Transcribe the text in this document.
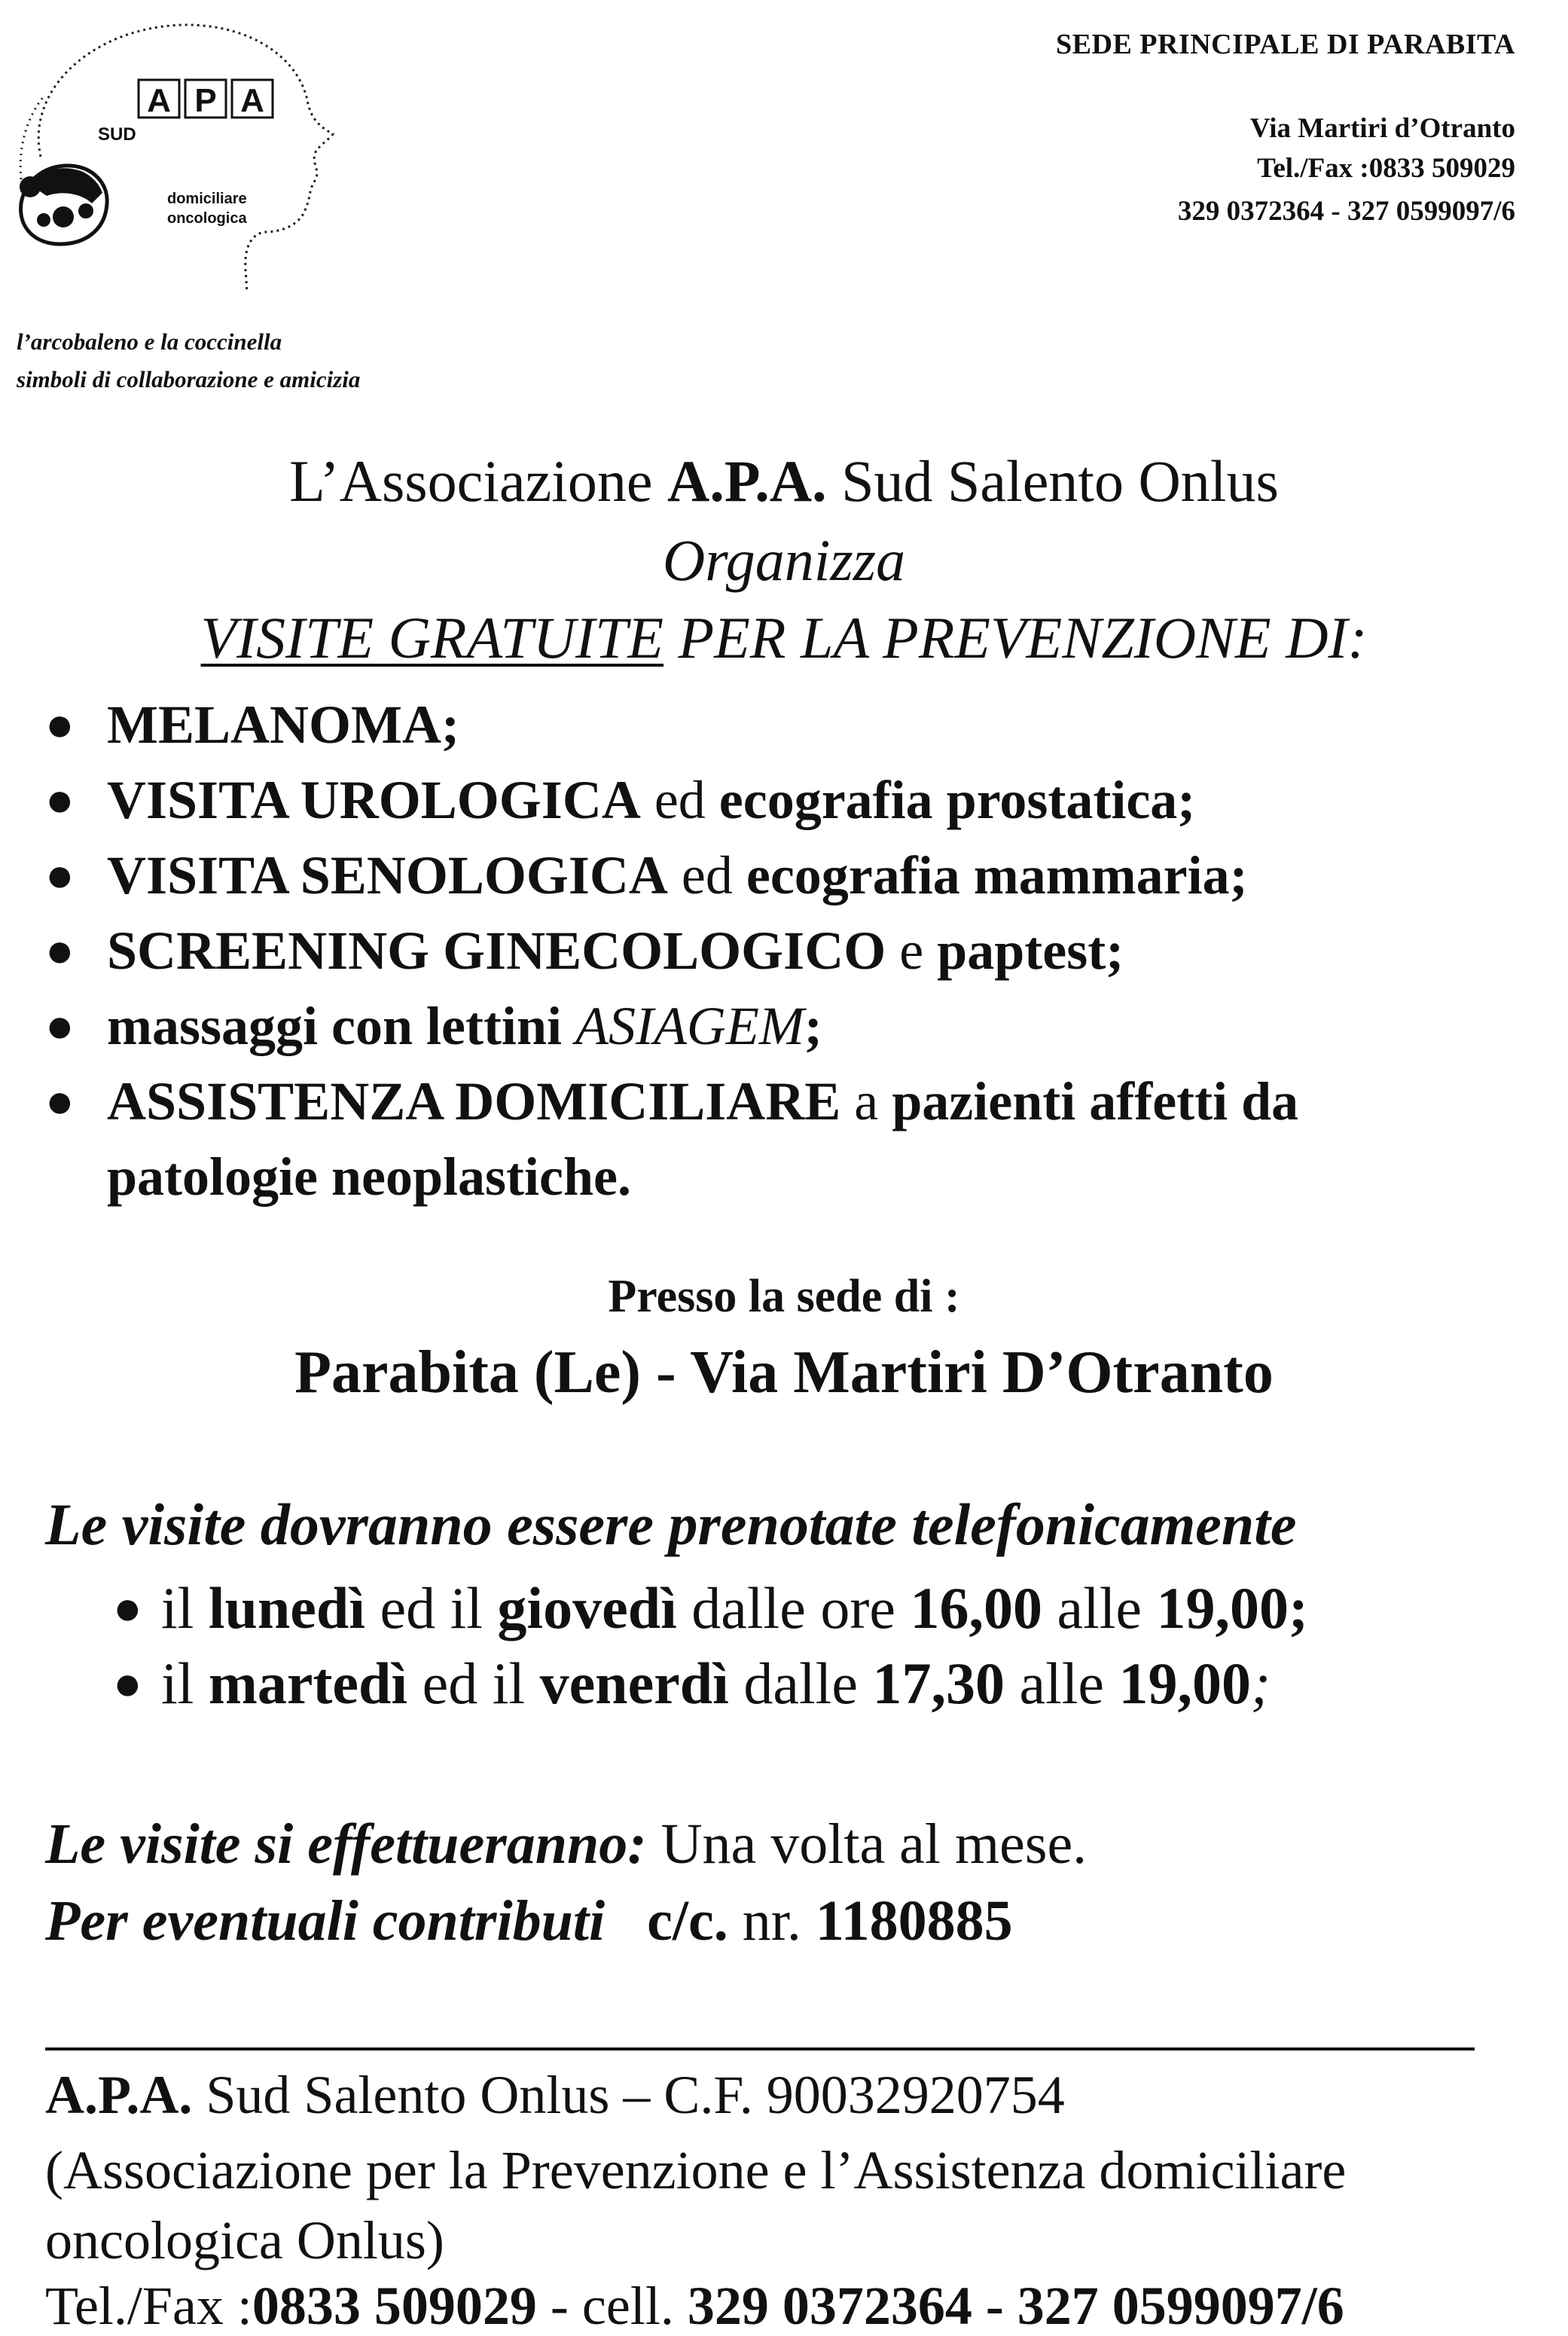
A P A
SUD
domiciliare
oncologica
SEDE PRINCIPALE DI PARABITA
Via Martiri d’Otranto
Tel./Fax :0833 509029
329 0372364 - 327 0599097/6
l’arcobaleno e la coccinella
simboli di collaborazione e amicizia
L’Associazione A.P.A. Sud Salento Onlus
Organizza
VISITE GRATUITE PER LA PREVENZIONE DI:
● MELANOMA;
● VISITA UROLOGICA ed ecografia prostatica;
● VISITA SENOLOGICA ed ecografia mammaria;
● SCREENING GINECOLOGICO e paptest;
● massaggi con lettini ASIAGEM;
● ASSISTENZA DOMICILIARE a pazienti affetti da
patologie neoplastiche.
Presso la sede di :
Parabita (Le) - Via Martiri D’Otranto
Le visite dovranno essere prenotate telefonicamente
● il lunedì ed il giovedì dalle ore 16,00 alle 19,00;
● il martedì ed il venerdì dalle 17,30 alle 19,00;
Le visite si effettueranno: Una volta al mese.
Per eventuali contributi c/c. nr. 1180885
A.P.A. Sud Salento Onlus – C.F. 90032920754
(Associazione per la Prevenzione e l’Assistenza domiciliare
oncologica Onlus)
Tel./Fax :0833 509029 - cell. 329 0372364 - 327 0599097/6
